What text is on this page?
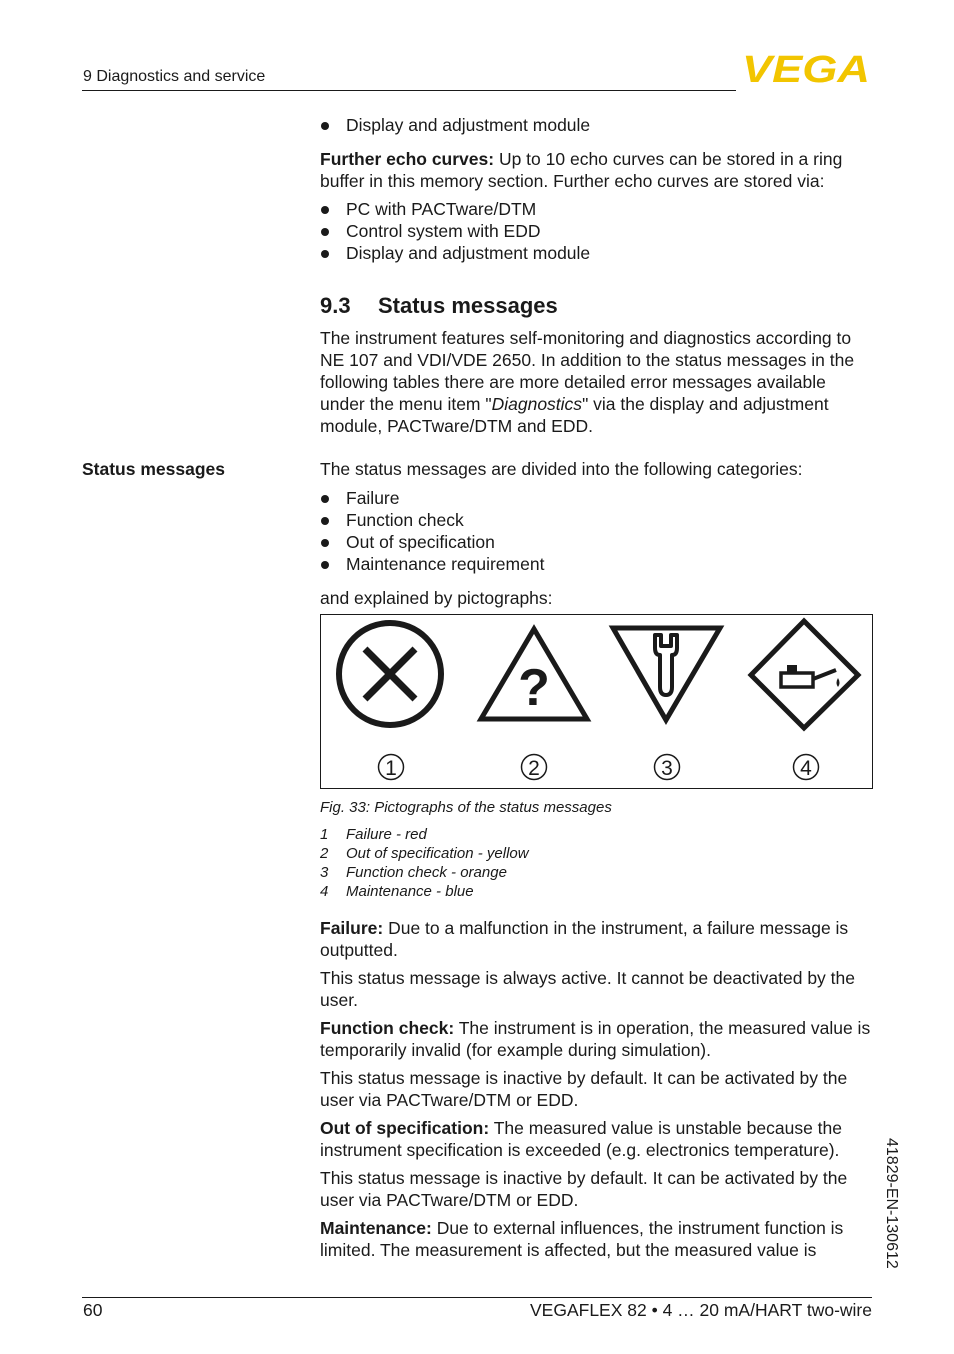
9 Diagnostics and service	VEGA
Display and adjustment module

Further echo curves: Up to 10 echo curves can be stored in a ring buffer in this memory section. Further echo curves are stored via:

PC with PACTware/DTM
Control system with EDD
Display and adjustment module
9.3 Status messages

The instrument features self-monitoring and diagnostics according to NE 107 and VDI/VDE 2650. In addition to the status messages in the following tables there are more detailed error messages available under the menu item "Diagnostics" via the display and adjustment module, PACTware/DTM and EDD.

Status messages	The status messages are divided into the following categories:
Failure
Function check
Out of specification
Maintenance requirement
and explained by pictographs:
?
1	2	3	4
Fig. 33: Pictographs of the status messages
1	Failure - red
2	Out of specification - yellow
3	Function check - orange
4	Maintenance - blue

Failure: Due to a malfunction in the instrument, a failure message is outputted.

This status message is always active. It cannot be deactivated by the user.

Function check: The instrument is in operation, the measured value is temporarily invalid (for example during simulation).

This status message is inactive by default. It can be activated by the user via PACTware/DTM or EDD.

Out of specification: The measured value is unstable because the instrument specification is exceeded (e.g. electronics temperature).

This status message is inactive by default. It can be activated by the user via PACTware/DTM or EDD.

Maintenance: Due to external influences, the instrument function is limited. The measurement is affected, but the measured value is	41829-EN-130612
60	VEGAFLEX 82 • 4 … 20 mA/HART two-wire
